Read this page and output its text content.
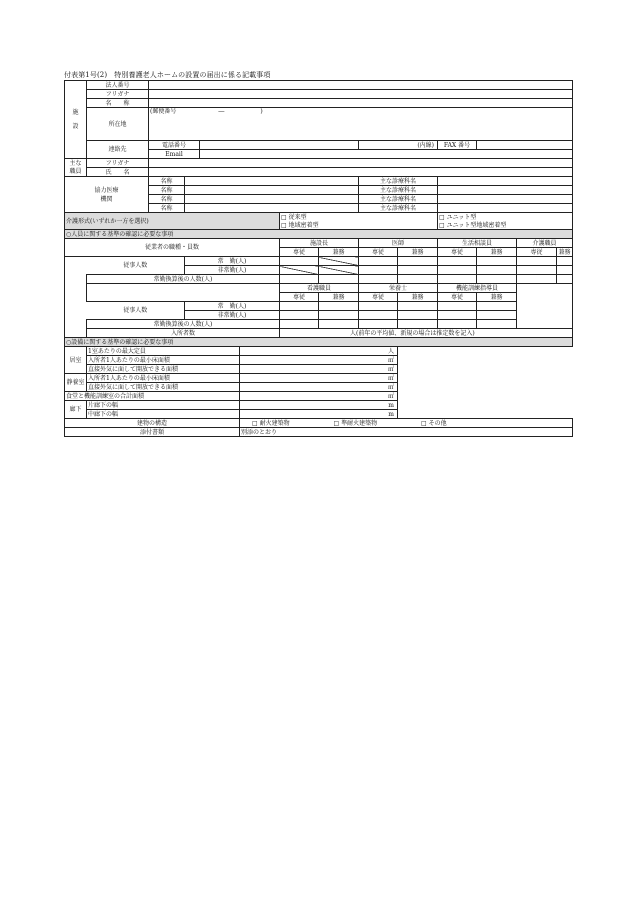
付表第1号(2)　特別養護老人ホームの設置の届出に係る記載事項
施

設	法人番号												
	フリガナ												
	名　　称												
	所在地	(郵便番号　　　　　　　―　　　　　　)											

	連絡先	電話番号						(内線)		FAX 番号			
		Email											
主な
職員	フリガナ												
	氏　　名												
協力医療
機関		名称						主な診療科名					
		名称						主な診療科名					
		名称						主な診療科名					
		名称						主な診療科名					
介護形式(いずれか一方を選択)						□ 従来型				□ ユニット型			
						□ 地域密着型				□ ユニット型地域密着型			
○人員に関する基準の確認に必要な事項													
従業者の職種・員数						施設長		医師		生活相談員		介護職員	
						専従	兼務	専従	兼務	専従	兼務	専従	兼務
	従事人数		常　勤(人)										
			非常勤(人)										
	常勤換算後の人数(人)												
						看護職員		栄養士		機能訓練指導員			
						専従	兼務	専従	兼務	専従	兼務		
	従事人数		常　勤(人)										
			非常勤(人)										
	常勤換算後の人数(人)												
	入所者数					人(前年の平均値、新規の場合は推定数を記入)							
○設備に関する基準の確認に必要な事項													
居室	1室あたりの最大定員				人								
	入所者1人あたりの最小床面積				㎡								
	直接外気に面して開放できる面積				㎡								
静養室	入所者1人あたりの最小床面積				㎡								
	直接外気に面して開放できる面積				㎡								
食堂と機能訓練室の合計面積					㎡								
廊下	片廊下の幅				m								
	中廊下の幅				m								
建物の構造					□ 耐火建築物 □ 準耐火建築物 □ その他								
添付書類					別添のとおり								
